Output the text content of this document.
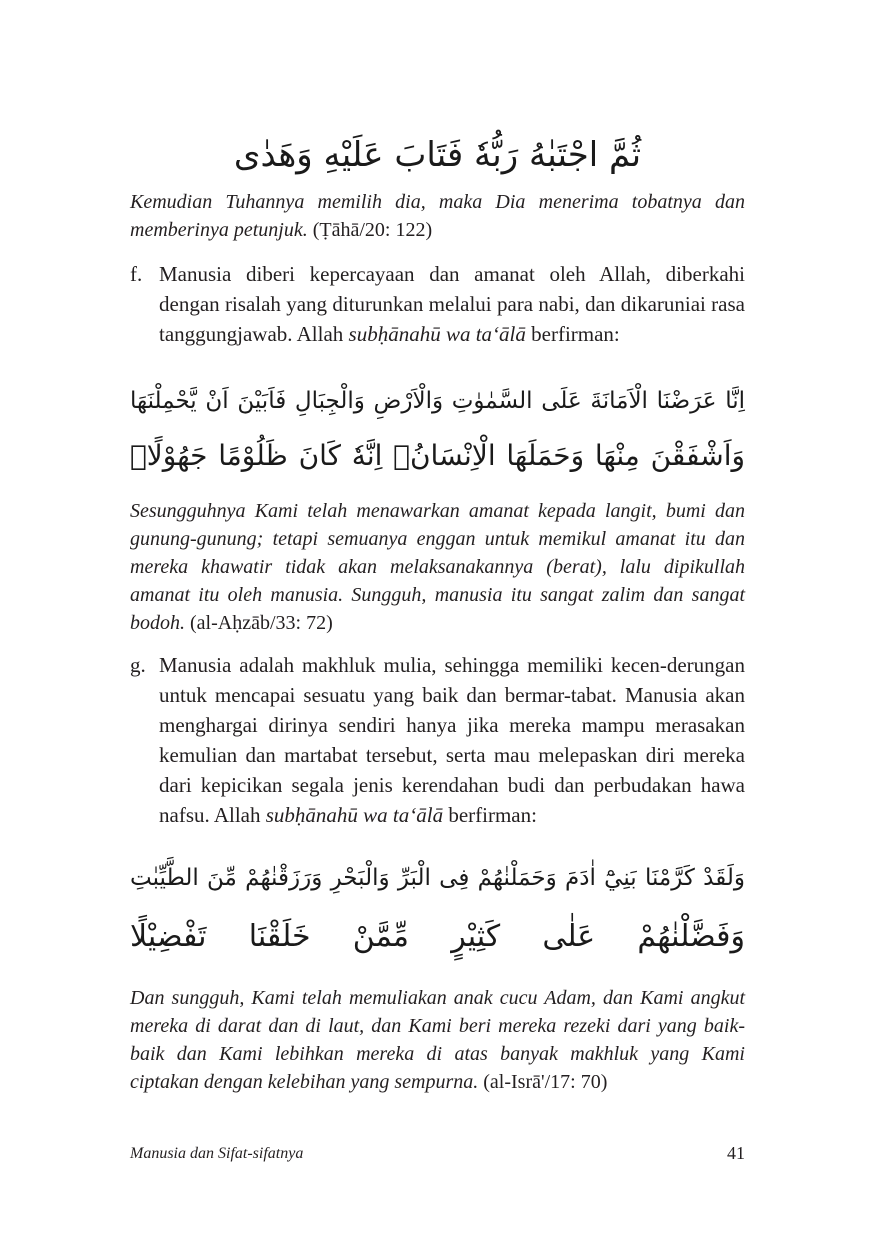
ثُمَّ اجْتَبٰهُ رَبُّهٗ فَتَابَ عَلَيْهِ وَهَدٰى

Kemudian Tuhannya memilih dia, maka Dia menerima tobatnya dan memberinya petunjuk. (Ṭāhā/20: 122)

f. Manusia diberi kepercayaan dan amanat oleh Allah, diberkahi dengan risalah yang diturunkan melalui para nabi, dan dikaruniai rasa tanggungjawab. Allah subḥānahū wa ta‘ālā berfirman:
اِنَّا عَرَضْنَا الْاَمَانَةَ عَلَى السَّمٰوٰتِ وَالْاَرْضِ وَالْجِبَالِ فَاَبَيْنَ اَنْ يَّحْمِلْنَهَا
وَاَشْفَقْنَ مِنْهَا وَحَمَلَهَا الْاِنْسَانُۗ اِنَّهٗ كَانَ ظَلُوْمًا جَهُوْلًاۙ

Sesungguhnya Kami telah menawarkan amanat kepada langit, bumi dan gunung-gunung; tetapi semuanya enggan untuk memikul amanat itu dan mereka khawatir tidak akan melaksanakannya (berat), lalu dipikullah amanat itu oleh manusia. Sungguh, manusia itu sangat zalim dan sangat bodoh. (al-Aḥzāb/33: 72)

g. Manusia adalah makhluk mulia, sehingga memiliki kecen-derungan untuk mencapai sesuatu yang baik dan bermar-tabat. Manusia akan menghargai dirinya sendiri hanya jika mereka mampu merasakan kemulian dan martabat tersebut, serta mau melepaskan diri mereka dari kepicikan segala jenis kerendahan budi dan perbudakan hawa nafsu. Allah subḥānahū wa ta‘ālā berfirman:
وَلَقَدْ كَرَّمْنَا بَنِيْٓ اٰدَمَ وَحَمَلْنٰهُمْ فِى الْبَرِّ وَالْبَحْرِ وَرَزَقْنٰهُمْ مِّنَ الطَّيِّبٰتِ
وَفَضَّلْنٰهُمْ عَلٰى كَثِيْرٍ مِّمَّنْ خَلَقْنَا تَفْضِيْلًا

Dan sungguh, Kami telah memuliakan anak cucu Adam, dan Kami angkut mereka di darat dan di laut, dan Kami beri mereka rezeki dari yang baik-baik dan Kami lebihkan mereka di atas banyak makhluk yang Kami ciptakan dengan kelebihan yang sempurna. (al-Isrā'/17: 70)

Manusia dan Sifat-sifatnya	41
